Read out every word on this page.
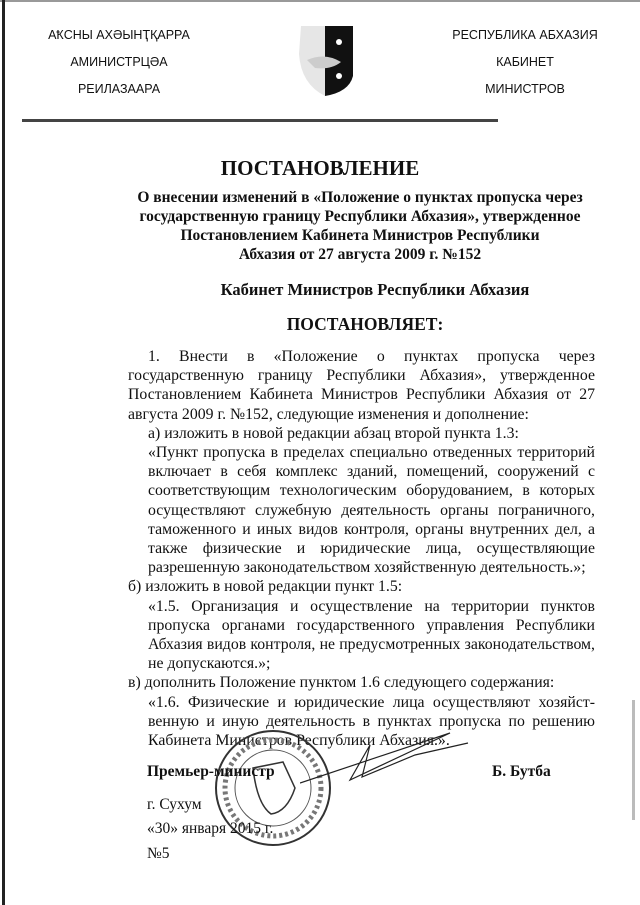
АҞСНЫ АХӘЫНҬҚАРРА
АМИНИСТРЦӘА
РЕИЛАЗААРА
РЕСПУБЛИКА АБХАЗИЯ
КАБИНЕТ
МИНИСТРОВ
ПОСТАНОВЛЕНИЕ
О внесении изменений в «Положение о пунктах пропуска через
государственную границу Республики Абхазия», утвержденное
Постановлением Кабинета Министров Республики
Абхазия от 27 августа 2009 г. №152
Кабинет Министров Республики Абхазия
ПОСТАНОВЛЯЕТ:

1. Внести в «Положение о пунктах пропуска через государственную границу Республики Абхазия», утвержденное Постановлением Кабинета Министров Республики Абхазия от 27 августа 2009 г. №152, следующие изменения и дополнение:

а) изложить в новой редакции абзац второй пункта 1.3:

«Пункт пропуска в пределах специально отведенных территорий включает в себя комплекс зданий, помещений, сооружений с соответствующим технологическим оборудованием, в которых осуществляют служебную деятельность органы пограничного, таможенного и иных видов контроля, органы внутренних дел, а также физические и юридические лица, осуществляющие разрешенную законодательством хозяйственную деятельность.»;

б) изложить в новой редакции пункт 1.5:

«1.5. Организация и осуществление на территории пунктов пропуска органами государственного управления Республики Абхазия видов контроля, не предусмотренных законодательством, не допускаются.»;

в) дополнить Положение пунктом 1.6 следующего содержания:

«1.6. Физические и юридические лица осуществляют хозяйст-венную и иную деятельность в пунктах пропуска по решению Кабинета Министров Республики Абхазия.».

Премьер-министр	Б. Бутба
г. Сухум
«30» января 2015 г.
№5
